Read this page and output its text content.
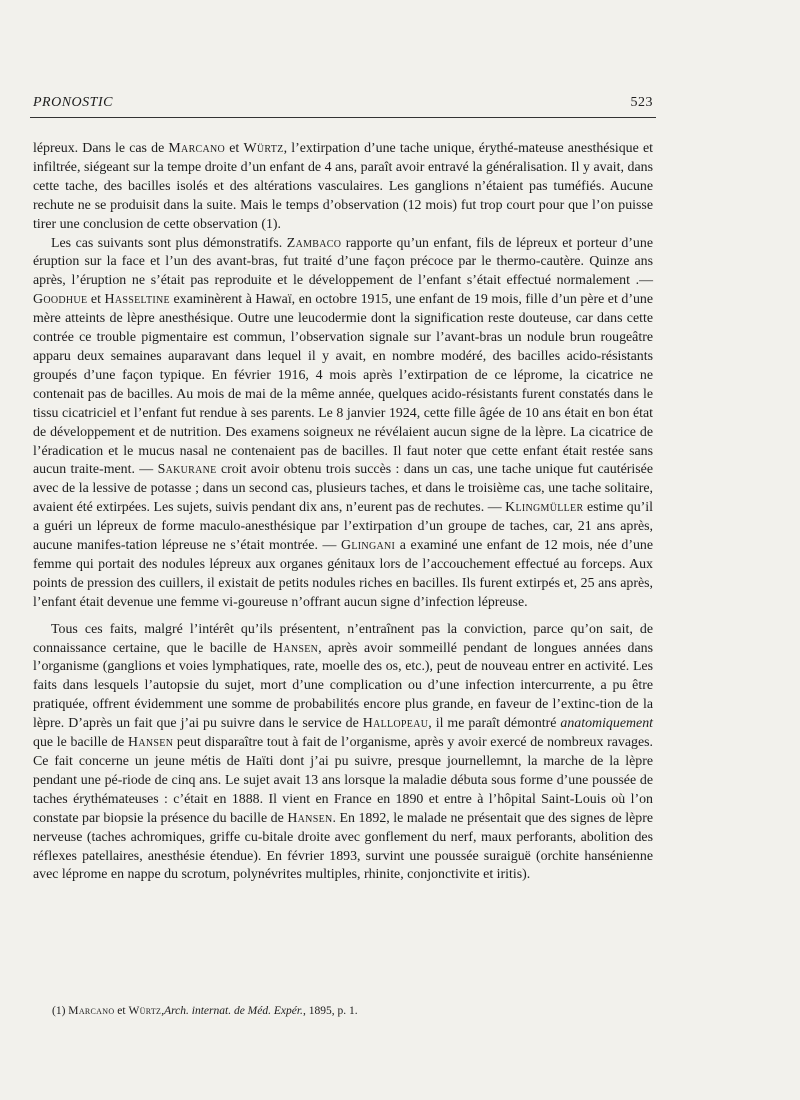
PRONOSTIC	523

lépreux. Dans le cas de Marcano et Würtz, l’extirpation d’une tache unique, érythé-mateuse anesthésique et infiltrée, siégeant sur la tempe droite d’un enfant de 4 ans, paraît avoir entravé la généralisation. Il y avait, dans cette tache, des bacilles isolés et des altérations vasculaires. Les ganglions n’étaient pas tuméfiés. Aucune rechute ne se produisit dans la suite. Mais le temps d’observation (12 mois) fut trop court pour que l’on puisse tirer une conclusion de cette observation (1).

Les cas suivants sont plus démonstratifs. Zambaco rapporte qu’un enfant, fils de lépreux et porteur d’une éruption sur la face et l’un des avant-bras, fut traité d’une façon précoce par le thermo-cautère. Quinze ans après, l’éruption ne s’était pas reproduite et le développement de l’enfant s’était effectué normalement .— Goodhue et Hasseltine examinèrent à Hawaï, en octobre 1915, une enfant de 19 mois, fille d’un père et d’une mère atteints de lèpre anesthésique. Outre une leucodermie dont la signification reste douteuse, car dans cette contrée ce trouble pigmentaire est commun, l’observation signale sur l’avant-bras un nodule brun rougeâtre apparu deux semaines auparavant dans lequel il y avait, en nombre modéré, des bacilles acido-résistants groupés d’une façon typique. En février 1916, 4 mois après l’extirpation de ce léprome, la cicatrice ne contenait pas de bacilles. Au mois de mai de la même année, quelques acido-résistants furent constatés dans le tissu cicatriciel et l’enfant fut rendue à ses parents. Le 8 janvier 1924, cette fille âgée de 10 ans était en bon état de développement et de nutrition. Des examens soigneux ne révélaient aucun signe de la lèpre. La cicatrice de l’éradication et le mucus nasal ne contenaient pas de bacilles. Il faut noter que cette enfant était restée sans aucun traite-ment. — Sakurane croit avoir obtenu trois succès : dans un cas, une tache unique fut cautérisée avec de la lessive de potasse ; dans un second cas, plusieurs taches, et dans le troisième cas, une tache solitaire, avaient été extirpées. Les sujets, suivis pendant dix ans, n’eurent pas de rechutes. — Klingmüller estime qu’il a guéri un lépreux de forme maculo-anesthésique par l’extirpation d’un groupe de taches, car, 21 ans après, aucune manifes-tation lépreuse ne s’était montrée. — Glingani a examiné une enfant de 12 mois, née d’une femme qui portait des nodules lépreux aux organes génitaux lors de l’accouchement effectué au forceps. Aux points de pression des cuillers, il existait de petits nodules riches en bacilles. Ils furent extirpés et, 25 ans après, l’enfant était devenue une femme vi-goureuse n’offrant aucun signe d’infection lépreuse.

Tous ces faits, malgré l’intérêt qu’ils présentent, n’entraînent pas la conviction, parce qu’on sait, de connaissance certaine, que le bacille de Hansen, après avoir sommeillé pendant de longues années dans l’organisme (ganglions et voies lymphatiques, rate, moelle des os, etc.), peut de nouveau entrer en activité. Les faits dans lesquels l’autopsie du sujet, mort d’une complication ou d’une infection intercurrente, a pu être pratiquée, offrent évidemment une somme de probabilités encore plus grande, en faveur de l’extinc-tion de la lèpre. D’après un fait que j’ai pu suivre dans le service de Hallopeau, il me paraît démontré anatomiquement que le bacille de Hansen peut disparaître tout à fait de l’organisme, après y avoir exercé de nombreux ravages. Ce fait concerne un jeune métis de Haïti dont j’ai pu suivre, presque journellemnt, la marche de la lèpre pendant une pé-riode de cinq ans. Le sujet avait 13 ans lorsque la maladie débuta sous forme d’une poussée de taches érythémateuses : c’était en 1888. Il vient en France en 1890 et entre à l’hôpital Saint-Louis où l’on constate par biopsie la présence du bacille de Hansen. En 1892, le malade ne présentait que des signes de lèpre nerveuse (taches achromiques, griffe cu-bitale droite avec gonflement du nerf, maux perforants, abolition des réflexes patellaires, anesthésie étendue). En février 1893, survint une poussée suraiguë (orchite hansénienne avec léprome en nappe du scrotum, polynévrites multiples, rhinite, conjonctivite et iritis).

(1) Marcano et Würtz,Arch. internat. de Méd. Expér., 1895, p. 1.
